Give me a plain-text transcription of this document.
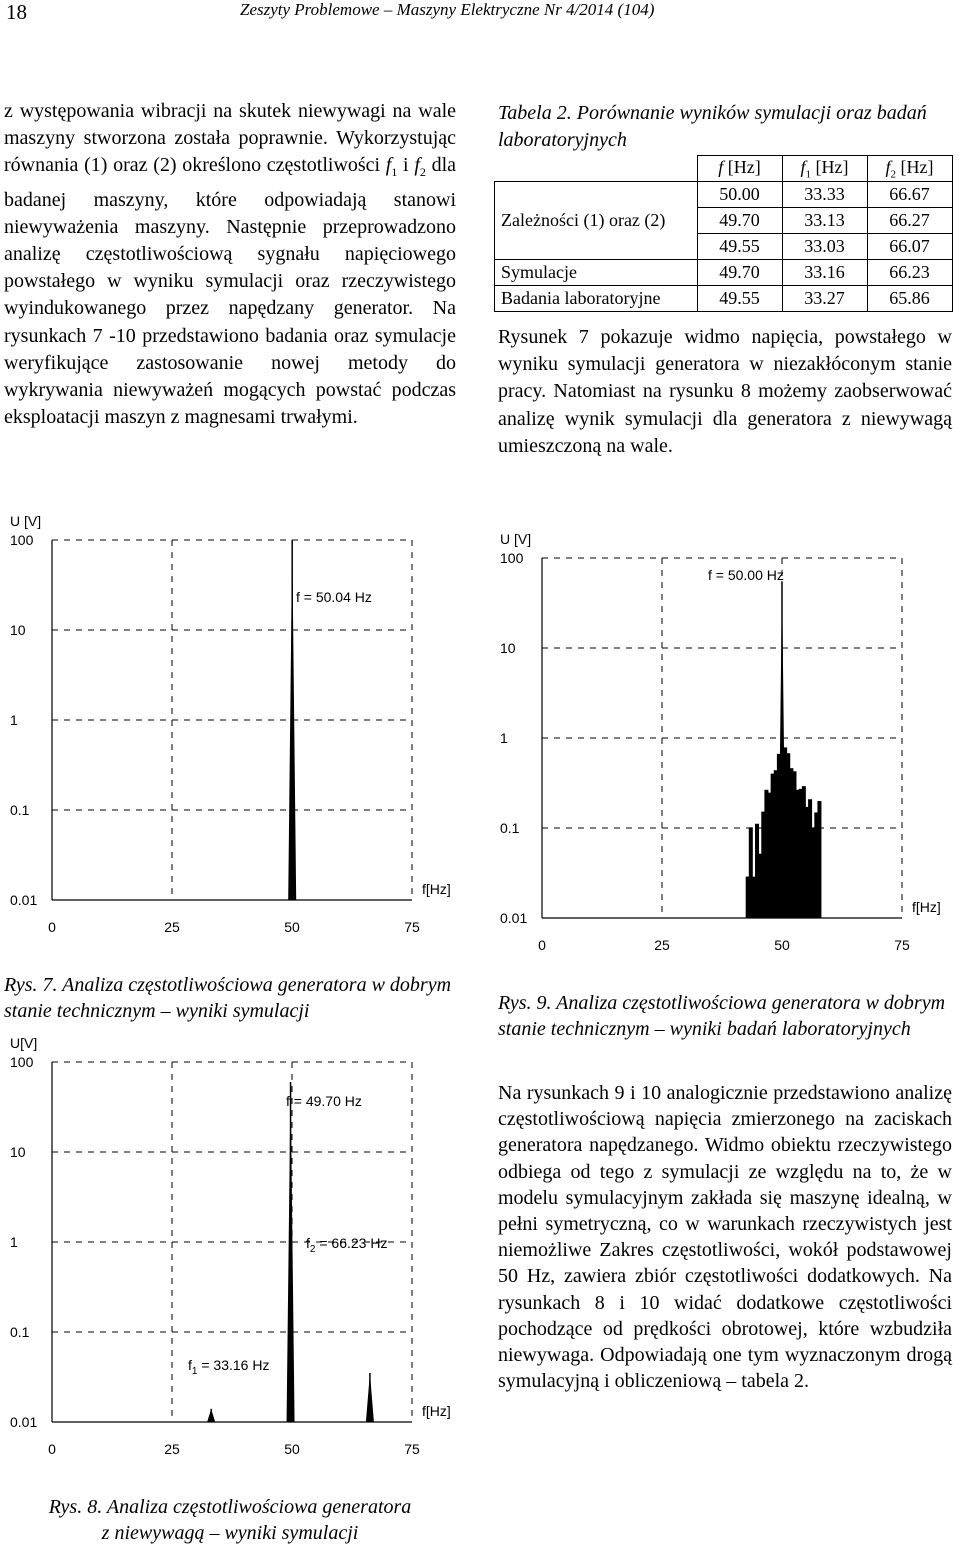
18	Zeszyty Problemowe – Maszyny Elektryczne Nr 4/2014 (104)

z występowania wibracji na skutek niewywagi na wale maszyny stworzona została poprawnie. Wykorzystując równania (1) oraz (2) określono częstotliwości $f_1$ i $f_2$ dla badanej maszyny, które odpowiadają stanowi niewyważenia maszyny. Następnie przeprowadzono analizę częstotliwościową sygnału napięciowego powstałego w wyniku symulacji oraz rzeczywistego wyindukowanego przez napędzany generator. Na rysunkach 7 -10 przedstawiono badania oraz symulacje weryfikujące zastosowanie nowej metody do wykrywania niewyważeń mogących powstać podczas eksploatacji maszyn z magnesami trwałymi.

U [V]
100
10
1
0.1
0.01
0	25	50	75
f[Hz]
f = 50.04 Hz

Rys. 7. Analiza częstotliwościowa generatora w dobrym stanie technicznym – wyniki symulacji

U[V]
100
10
1
0.1
0.01
0	25	50	75
f[Hz]
$f_1 = 33.16$ Hz
$f_2 = 66.23$ Hz
f = 49.70 Hz

Rys. 8. Analiza częstotliwościowa generatora
z niewywagą – wyniki symulacji

Tabela 2. Porównanie wyników symulacji oraz badań laboratoryjnych

	f [Hz]	$f_1$ [Hz]	$f_2$ [Hz]
	50.00	33.33	66.67
Zależności (1) oraz (2)	49.70	33.13	66.27
	49.55	33.03	66.07
Symulacje	49.70	33.16	66.23
Badania laboratoryjne	49.55	33.27	65.86

Rysunek 7 pokazuje widmo napięcia, powstałego w wyniku symulacji generatora w niezakłóconym stanie pracy. Natomiast na rysunku 8 możemy zaobserwować analizę wynik symulacji dla generatora z niewywagą umieszczoną na wale.

U [V]
100
10
1
0.1
0.01
0	25	50	75
f[Hz]
f = 50.00 Hz

Rys. 9. Analiza częstotliwościowa generatora w dobrym stanie technicznym – wyniki badań laboratoryjnych

Na rysunkach 9 i 10 analogicznie przedstawiono analizę częstotliwościową napięcia zmierzonego na zaciskach generatora napędzanego. Widmo obiektu rzeczywistego odbiega od tego z symulacji ze względu na to, że w modelu symulacyjnym zakłada się maszynę idealną, w pełni symetryczną, co w warunkach rzeczywistych jest niemożliwe Zakres częstotliwości, wokół podstawowej 50 Hz, zawiera zbiór częstotliwości dodatkowych. Na rysunkach 8 i 10 widać dodatkowe częstotliwości pochodzące od prędkości obrotowej, które wzbudziła niewywaga. Odpowiadają one tym wyznaczonym drogą symulacyjną i obliczeniową – tabela 2.
